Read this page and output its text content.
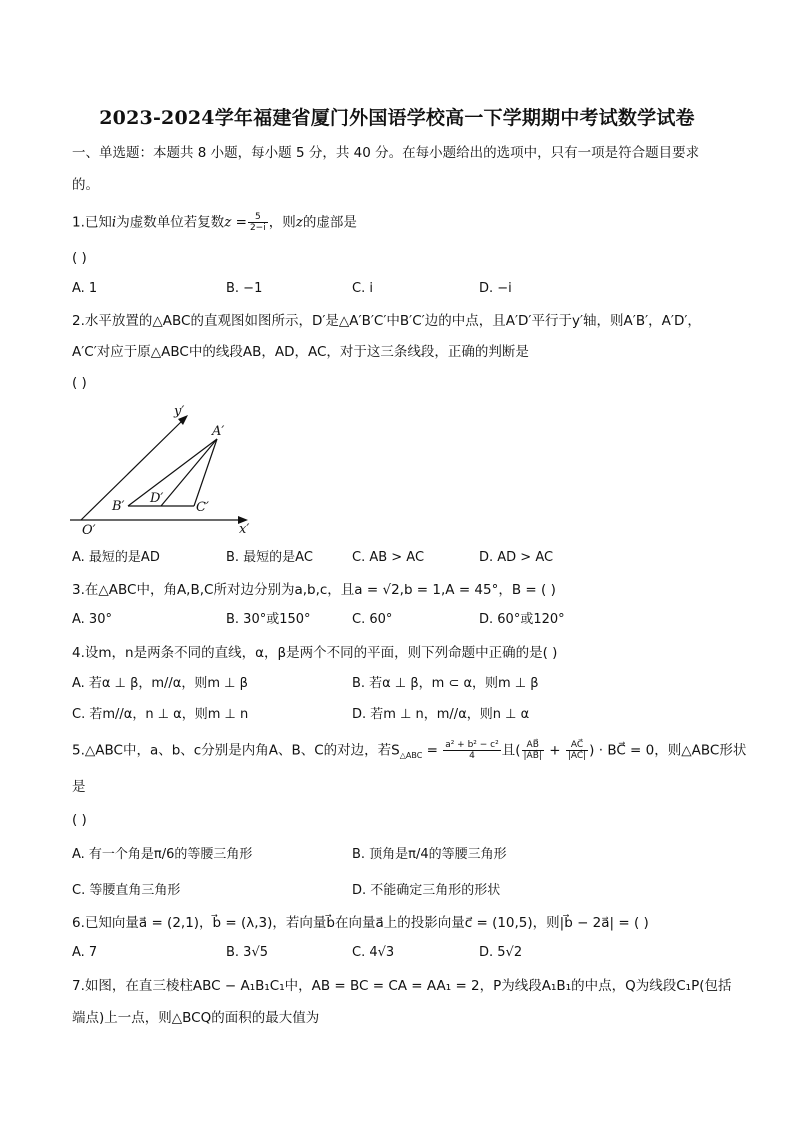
2023-2024学年福建省厦门外国语学校高一下学期期中考试数学试卷
一、单选题：本题共 8 小题，每小题 5 分，共 40 分。在每小题给出的选项中，只有一项是符合题目要求
的。
1.已知i为虚数单位若复数$z = \frac{5}{2-i}$ ，则z的虚部是
( )
A. 1	B. −1	C. i	D. −i
2.水平放置的△ABC的直观图如图所示，D′是△A′B′C′中B′C′边的中点，且A′D′平行于y′轴，则A′B′，A′D′，
A′C′对应于原△ABC中的线段AB，AD，AC，对于这三条线段，正确的判断是
( )
y′
x′
O′
A′
B′	C′
D′
A. 最短的是AD	B. 最短的是AC	C. AB > AC	D. AD > AC
3.在△ABC中，角A,B,C所对边分别为a,b,c，且a = √2,b = 1,A = 45°，B = ( )
A. 30°	B. 30°或150°	C. 60°	D. 60°或120°
4.设m，n是两条不同的直线，α，β是两个不同的平面，则下列命题中正确的是( )
A. 若α ⊥ β，m//α，则m ⊥ β	B. 若α ⊥ β，m ⊂ α，则m ⊥ β
C. 若m//α，n ⊥ α，则m ⊥ n	D. 若m ⊥ n，m//α，则n ⊥ α
5.△ABC中，a、b、c分别是内角A、B、C的对边，若$S_{\triangle ABC} = \frac{\text{a² + b² − c²}}{4}$ 且( $\frac{AB⃗}{|AB⃗|} + \frac{AC⃗}{|AC⃗|}$ ) · BC⃗ = 0，则△ABC形状
是
( )
A. 有一个角是π/6的等腰三角形	B. 顶角是π/4的等腰三角形
C. 等腰直角三角形	D. 不能确定三角形的形状
6.已知向量a⃗ = (2,1)，b⃗ = (λ,3)，若向量b⃗在向量a⃗上的投影向量c⃗ = (10,5)，则|b⃗ − 2a⃗| = ( )
A. 7	B. 3√5	C. 4√3	D. 5√2
7.如图，在直三棱柱ABC − A₁B₁C₁中，AB = BC = CA = AA₁ = 2，P为线段A₁B₁的中点，Q为线段C₁P(包括
端点)上一点，则△BCQ的面积的最大值为
